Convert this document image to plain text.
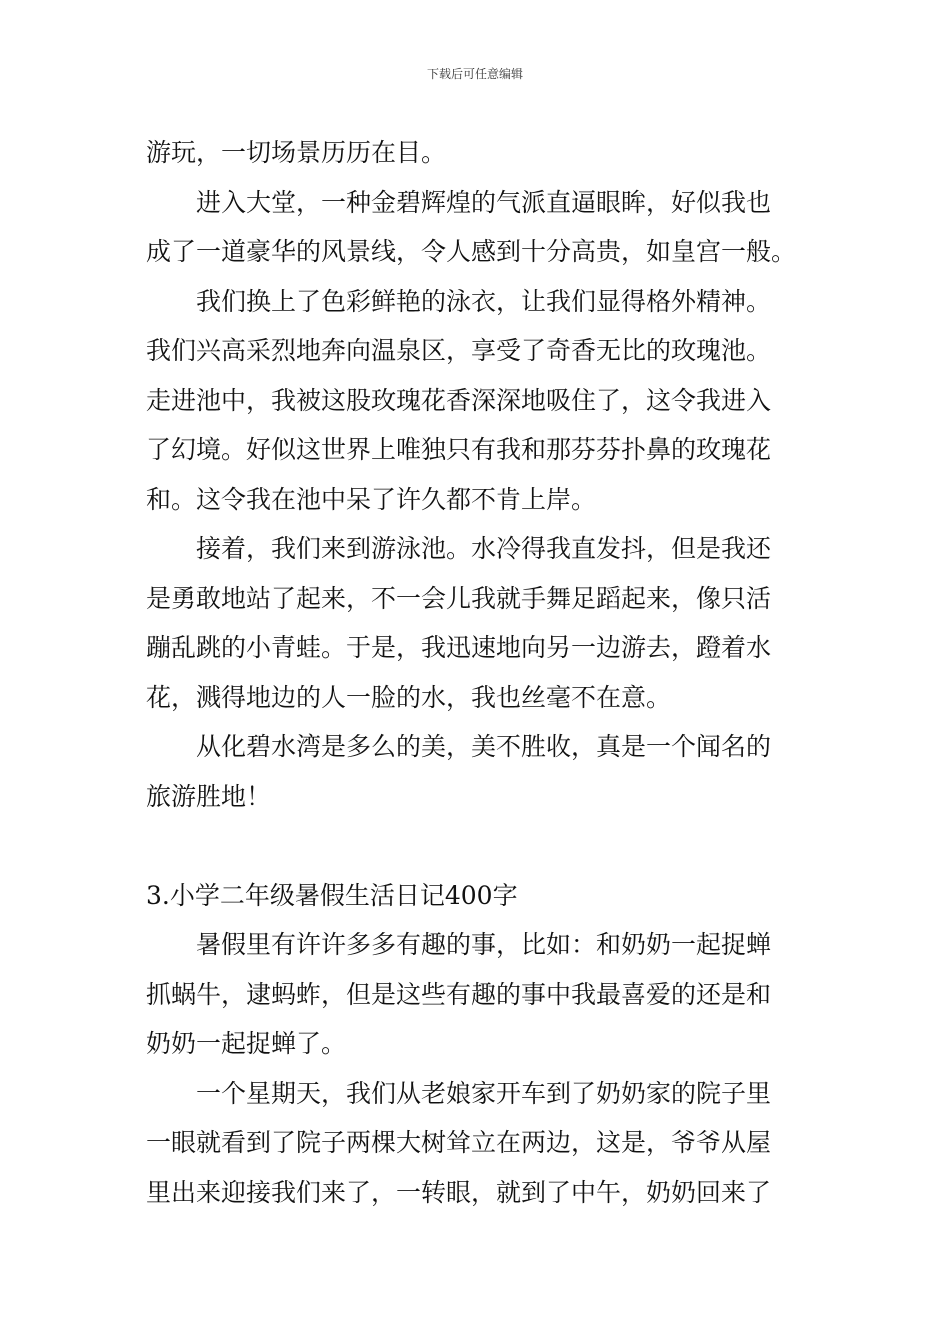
下载后可任意编辑
游玩，一切场景历历在目。
进入大堂，一种金碧辉煌的气派直逼眼眸，好似我也
成了一道豪华的风景线，令人感到十分高贵，如皇宫一般。
我们换上了色彩鲜艳的泳衣，让我们显得格外精神。
我们兴高采烈地奔向温泉区，享受了奇香无比的玫瑰池。
走进池中，我被这股玫瑰花香深深地吸住了，这令我进入
了幻境。好似这世界上唯独只有我和那芬芬扑鼻的玫瑰花
和。这令我在池中呆了许久都不肯上岸。
接着，我们来到游泳池。水冷得我直发抖，但是我还
是勇敢地站了起来，不一会儿我就手舞足蹈起来，像只活
蹦乱跳的小青蛙。于是，我迅速地向另一边游去，蹬着水
花，溅得地边的人一脸的水，我也丝毫不在意。
从化碧水湾是多么的美，美不胜收，真是一个闻名的
旅游胜地！
3.小学二年级暑假生活日记400字
暑假里有许许多多有趣的事，比如：和奶奶一起捉蝉
抓蜗牛，逮蚂蚱，但是这些有趣的事中我最喜爱的还是和
奶奶一起捉蝉了。
一个星期天，我们从老娘家开车到了奶奶家的院子里
一眼就看到了院子两棵大树耸立在两边，这是，爷爷从屋
里出来迎接我们来了，一转眼，就到了中午，奶奶回来了
